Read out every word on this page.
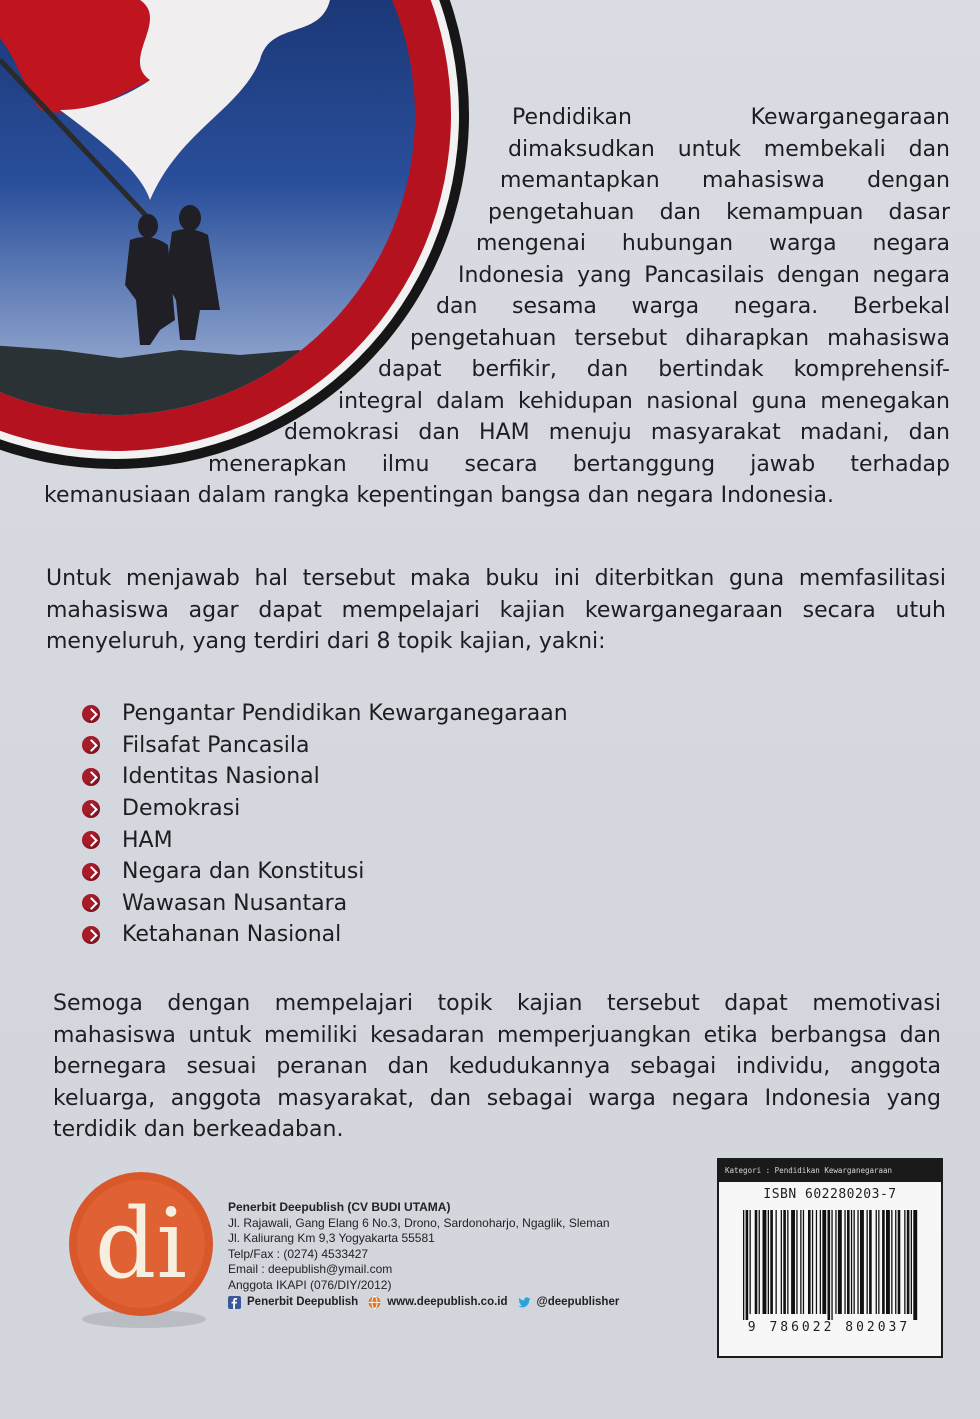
Pendidikan Kewarganegaraan
dimaksudkan untuk membekali dan
memantapkan mahasiswa dengan
pengetahuan dan kemampuan dasar
mengenai hubungan warga negara
Indonesia yang Pancasilais dengan negara
dan sesama warga negara. Berbekal
pengetahuan tersebut diharapkan mahasiswa
dapat berfikir, dan bertindak komprehensif-
integral dalam kehidupan nasional guna menegakan
demokrasi dan HAM menuju masyarakat madani, dan
menerapkan ilmu secara bertanggung jawab terhadap
kemanusiaan dalam rangka kepentingan bangsa dan negara Indonesia.

Untuk menjawab hal tersebut maka buku ini diterbitkan guna memfasilitasi mahasiswa agar dapat mempelajari kajian kewarganegaraan secara utuh menyeluruh, yang terdiri dari 8 topik kajian, yakni:

Pengantar Pendidikan Kewarganegaraan
Filsafat Pancasila
Identitas Nasional
Demokrasi
HAM
Negara dan Konstitusi
Wawasan Nusantara
Ketahanan Nasional

Semoga dengan mempelajari topik kajian tersebut dapat memotivasi mahasiswa untuk memiliki kesadaran memperjuangkan etika berbangsa dan bernegara sesuai peranan dan kedudukannya sebagai individu, anggota keluarga, anggota masyarakat, dan sebagai warga negara Indonesia yang terdidik dan berkeadaban.

di	Penerbit Deepublish (CV BUDI UTAMA)
Jl. Rajawali, Gang Elang 6 No.3, Drono, Sardonoharjo, Ngaglik, Sleman
Jl. Kaliurang Km 9,3 Yogyakarta 55581
Telp/Fax : (0274) 4533427
Email : deepublish@ymail.com
Anggota IKAPI (076/DIY/2012)
Penerbit Deepublish	www.deepublish.co.id	@deepublisher
Kategori : Pendidikan Kewarganegaraan
ISBN 602280203-7
9 786022 802037
